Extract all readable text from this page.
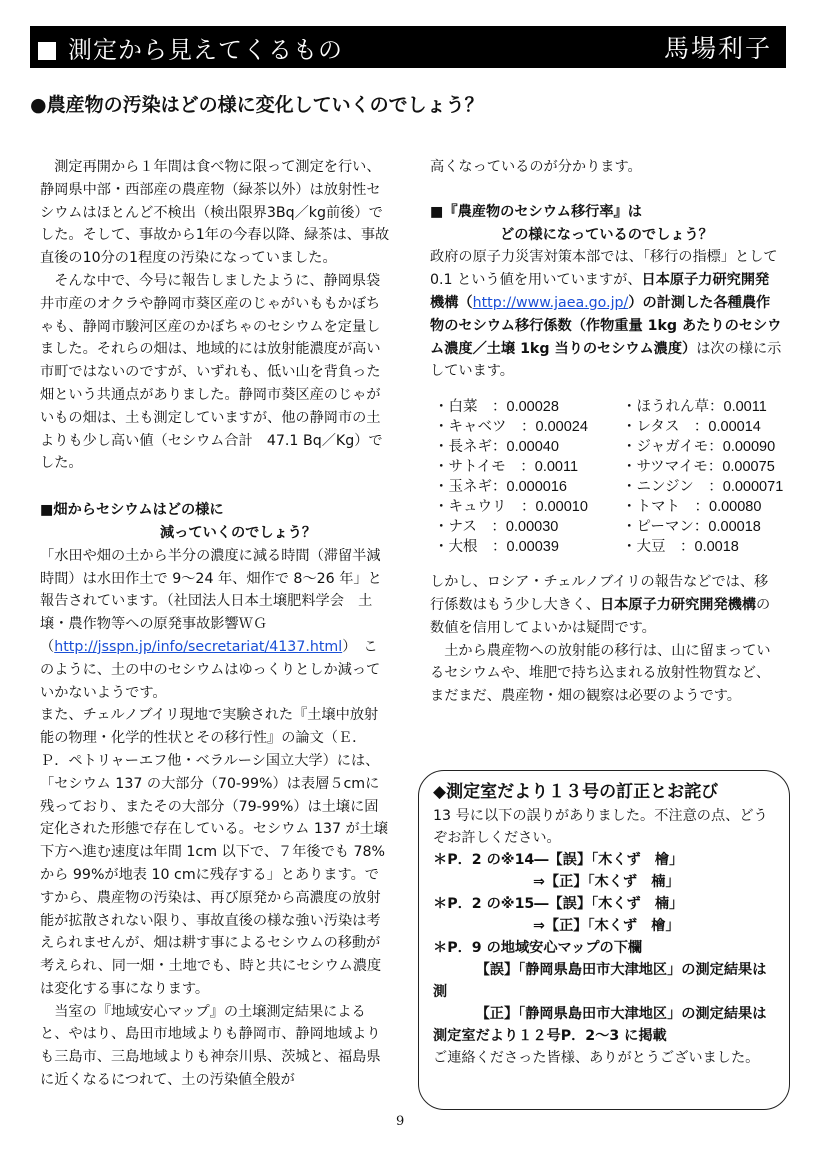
測定から見えてくるもの	馬場利子
●農産物の汚染はどの様に変化していくのでしょう？

測定再開から１年間は食べ物に限って測定を行い、静岡県中部・西部産の農産物（緑茶以外）は放射性セシウムはほとんど不検出（検出限界3Bq／kg前後）でした。そして、事故から1年の今春以降、緑茶は、事故直後の10分の1程度の汚染になっていました。

そんな中で、今号に報告しましたように、静岡県袋井市産のオクラや静岡市葵区産のじゃがいももかぼちゃも、静岡市駿河区産のかぼちゃのセシウムを定量しました。それらの畑は、地域的には放射能濃度が高い市町ではないのですが、いずれも、低い山を背負った畑という共通点がありました。静岡市葵区産のじゃがいもの畑は、土も測定していますが、他の静岡市の土よりも少し高い値（セシウム合計　47.1 Bq／Kg）でした。

■畑からセシウムはどの様に

減っていくのでしょう？

「水田や畑の土から半分の濃度に減る時間（滞留半減時間）は水田作土で 9〜24 年、畑作で 8〜26 年」と報告されています。（社団法人日本土壌肥料学会　土壌・農作物等への原発事故影響ＷＧ（http://jsspn.jp/info/secretariat/4137.html）　このように、土の中のセシウムはゆっくりとしか減っていかないようです。

また、チェルノブイリ現地で実験された『土壌中放射能の物理・化学的性状とその移行性』の論文（Ｅ．Ｐ．ペトリャーエフ他・ベラルーシ国立大学）には、「セシウム 137 の大部分（70-99%）は表層５cmに残っており、またその大部分（79-99%）は土壌に固定化された形態で存在している。セシウム 137 が土壌下方へ進む速度は年間 1cm 以下で、７年後でも 78%から 99%が地表 10 cmに残存する」とあります。ですから、農産物の汚染は、再び原発から高濃度の放射能が拡散されない限り、事故直後の様な強い汚染は考えられませんが、畑は耕す事によるセシウムの移動が考えられ、同一畑・土地でも、時と共にセシウム濃度は変化する事になります。

当室の『地域安心マップ』の土壌測定結果によると、やはり、島田市地域よりも静岡市、静岡地域よりも三島市、三島地域よりも神奈川県、茨城と、福島県に近くなるにつれて、土の汚染値全般が

高くなっているのが分かります。

■『農産物のセシウム移行率』は

どの様になっているのでしょう？

政府の原子力災害対策本部では、「移行の指標」として 0.1 という値を用いていますが、日本原子力研究開発機構（http://www.jaea.go.jp/）の計測した各種農作物のセシウム移行係数（作物重量 1kg あたりのセシウム濃度／土壌 1kg 当りのセシウム濃度）は次の様に示しています。

・白菜　：0.00028	・ほうれん草：0.0011
・キャベツ　：0.00024	・レタス　：0.00014
・長ネギ：0.00040	・ジャガイモ：0.00090
・サトイモ　：0.0011	・サツマイモ：0.00075
・玉ネギ：0.000016	・ニンジン　：0.000071
・キュウリ　：0.00010	・トマト　：0.00080
・ナス　：0.00030	・ピーマン：0.00018
・大根　：0.00039	・大豆　：0.0018

しかし、ロシア・チェルノブイリの報告などでは、移行係数はもう少し大きく、日本原子力研究開発機構の数値を信用してよいかは疑問です。

土から農産物への放射能の移行は、山に留まっているセシウムや、堆肥で持ち込まれる放射性物質など、まだまだ、農産物・畑の観察は必要のようです。

◆測定室だより１３号の訂正とお詫び

13 号に以下の誤りがありました。不注意の点、どうぞお許しください。

＊P．2 の※14―【誤】「木くず　檜」

⇒【正】「木くず　楠」

＊P．2 の※15―【誤】「木くず　楠」

⇒【正】「木くず　檜」

＊P．9 の地域安心マップの下欄

【誤】「静岡県島田市大津地区」の測定結果は測

【正】「静岡県島田市大津地区」の測定結果は測定室だより１２号P．2〜3 に掲載

ご連絡くださった皆様、ありがとうございました。

9
